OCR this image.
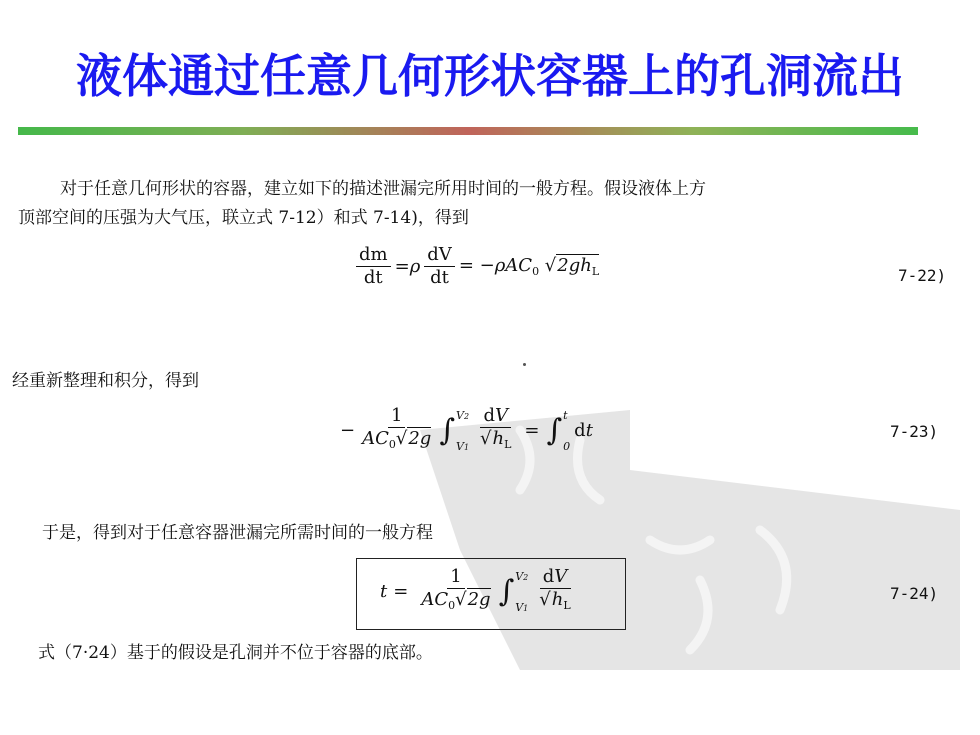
液体通过任意几何形状容器上的孔洞流出
对于任意几何形状的容器，建立如下的描述泄漏完所用时间的一般方程。假设液体上方
顶部空间的压强为大气压，联立式 7-12）和式 7-14)，得到
$\frac{dm}{dt} =\rho \frac{dV}{dt} = -\rho AC_0$ $√2gh_L$	7-22)
经重新整理和积分，得到
− $\frac{1}{AC_0√2g}$ ∫ V2
$V1 \frac{dV}{√h_L}$ = ∫ t
0
dt	7-23)
于是，得到对于任意容器泄漏完所需时间的一般方程
$t = \frac{1}{AC_0√2g}$ ∫ V2
$V1 \frac{dV}{√h_L}$	7-24)
式（7·24）基于的假设是孔洞并不位于容器的底部。
